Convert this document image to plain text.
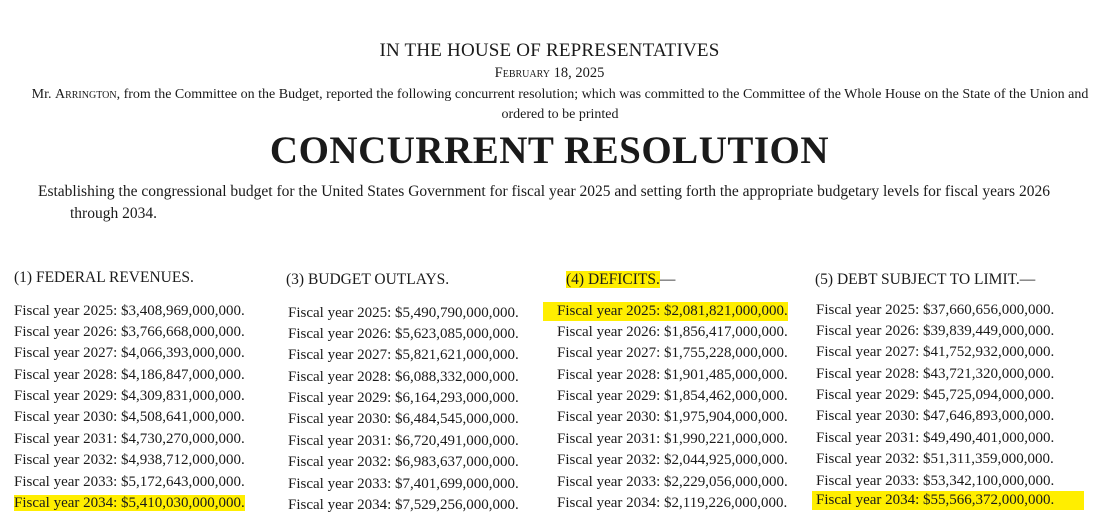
IN THE HOUSE OF REPRESENTATIVES
February 18, 2025
Mr. Arrington, from the Committee on the Budget, reported the following concurrent resolution; which was committed to the Committee of the Whole House on the State of the Union and ordered to be printed
CONCURRENT RESOLUTION
Establishing the congressional budget for the United States Government for fiscal year 2025 and setting forth the appropriate budgetary levels for fiscal years 2026
through 2034.
(1) FEDERAL REVENUES.
Fiscal year 2025: $3,408,969,000,000.
Fiscal year 2026: $3,766,668,000,000.
Fiscal year 2027: $4,066,393,000,000.
Fiscal year 2028: $4,186,847,000,000.
Fiscal year 2029: $4,309,831,000,000.
Fiscal year 2030: $4,508,641,000,000.
Fiscal year 2031: $4,730,270,000,000.
Fiscal year 2032: $4,938,712,000,000.
Fiscal year 2033: $5,172,643,000,000.
Fiscal year 2034: $5,410,030,000,000.
(3) BUDGET OUTLAYS.
Fiscal year 2025: $5,490,790,000,000.
Fiscal year 2026: $5,623,085,000,000.
Fiscal year 2027: $5,821,621,000,000.
Fiscal year 2028: $6,088,332,000,000.
Fiscal year 2029: $6,164,293,000,000.
Fiscal year 2030: $6,484,545,000,000.
Fiscal year 2031: $6,720,491,000,000.
Fiscal year 2032: $6,983,637,000,000.
Fiscal year 2033: $7,401,699,000,000.
Fiscal year 2034: $7,529,256,000,000.
(4) DEFICITS.—
Fiscal year 2025: $2,081,821,000,000.
Fiscal year 2026: $1,856,417,000,000.
Fiscal year 2027: $1,755,228,000,000.
Fiscal year 2028: $1,901,485,000,000.
Fiscal year 2029: $1,854,462,000,000.
Fiscal year 2030: $1,975,904,000,000.
Fiscal year 2031: $1,990,221,000,000.
Fiscal year 2032: $2,044,925,000,000.
Fiscal year 2033: $2,229,056,000,000.
Fiscal year 2034: $2,119,226,000,000.
(5) DEBT SUBJECT TO LIMIT.—
Fiscal year 2025: $37,660,656,000,000.
Fiscal year 2026: $39,839,449,000,000.
Fiscal year 2027: $41,752,932,000,000.
Fiscal year 2028: $43,721,320,000,000.
Fiscal year 2029: $45,725,094,000,000.
Fiscal year 2030: $47,646,893,000,000.
Fiscal year 2031: $49,490,401,000,000.
Fiscal year 2032: $51,311,359,000,000.
Fiscal year 2033: $53,342,100,000,000.
Fiscal year 2034: $55,566,372,000,000.
